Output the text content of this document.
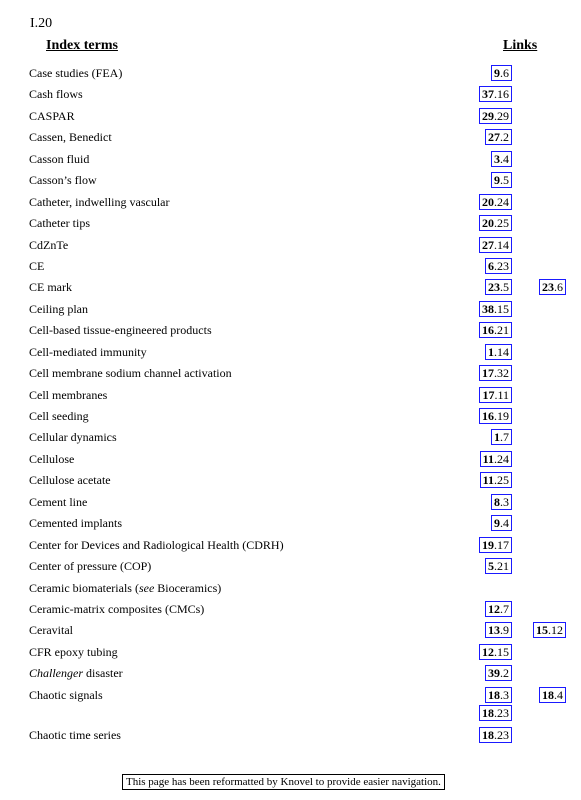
I.20
Index terms	Links
Case studies (FEA)	9.6
Cash flows	37.16
CASPAR	29.29
Cassen, Benedict	27.2
Casson fluid	3.4
Casson’s flow	9.5
Catheter, indwelling vascular	20.24
Catheter tips	20.25
CdZnTe	27.14
CE	6.23
CE mark	23.5	23.6
Ceiling plan	38.15
Cell-based tissue-engineered products	16.21
Cell-mediated immunity	1.14
Cell membrane sodium channel activation	17.32
Cell membranes	17.11
Cell seeding	16.19
Cellular dynamics	1.7
Cellulose	11.24
Cellulose acetate	11.25
Cement line	8.3
Cemented implants	9.4
Center for Devices and Radiological Health (CDRH)	19.17
Center of pressure (COP)	5.21
Ceramic biomaterials (see Bioceramics)
Ceramic-matrix composites (CMCs)	12.7
Ceravital	13.9 15.12
CFR epoxy tubing	12.15
Challenger disaster	39.2
Chaotic signals	18.3	18.4
18.23
Chaotic time series	18.23
This page has been reformatted by Knovel to provide easier navigation.
